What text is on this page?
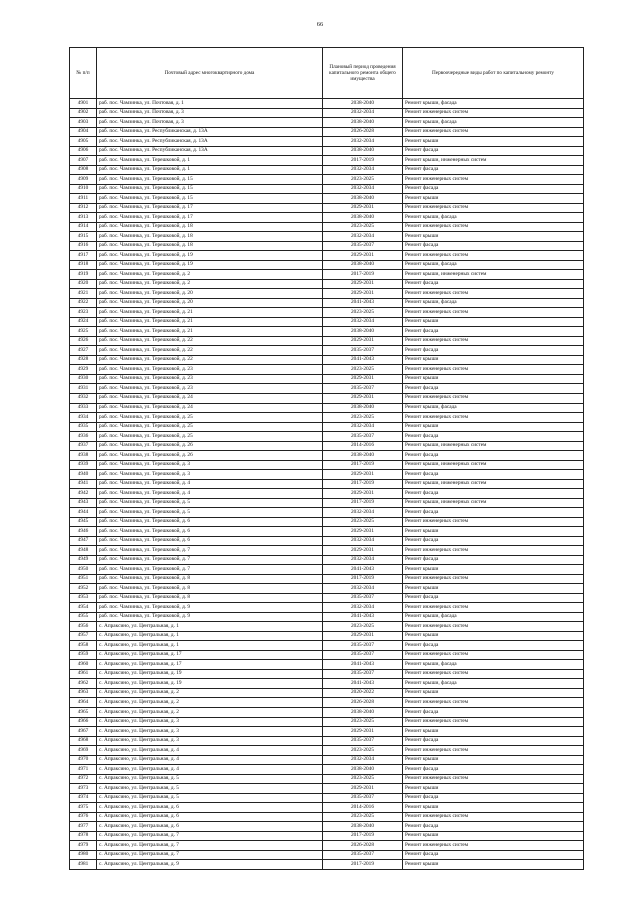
66
№ п/п	Почтовый адрес многоквартирного дома	Плановый период проведения капитального ремонта общего имущества	Первоочередные виды работ по капитальному ремонту
4901	раб. пос. Чамзинка, ул. Почтовая, д. 1	2038-2040	Ремонт крыши, фасада
4902	раб. пос. Чамзинка, ул. Почтовая, д. 3	2032-2034	Ремонт инженерных систем
4903	раб. пос. Чамзинка, ул. Почтовая, д. 3	2038-2040	Ремонт крыши, фасада
4904	раб. пос. Чамзинка, ул. Республиканская, д. 13А	2026-2028	Ремонт инженерных систем
4905	раб. пос. Чамзинка, ул. Республиканская, д. 13А	2032-2034	Ремонт крыши
4906	раб. пос. Чамзинка, ул. Республиканская, д. 13А	2038-2040	Ремонт фасада
4907	раб. пос. Чамзинка, ул. Терешковой, д. 1	2017-2019	Ремонт крыши, инженерных систем
4908	раб. пос. Чамзинка, ул. Терешковой, д. 1	2032-2034	Ремонт фасада
4909	раб. пос. Чамзинка, ул. Терешковой, д. 15	2023-2025	Ремонт инженерных систем
4910	раб. пос. Чамзинка, ул. Терешковой, д. 15	2032-2034	Ремонт фасада
4911	раб. пос. Чамзинка, ул. Терешковой, д. 15	2038-2040	Ремонт крыши
4912	раб. пос. Чамзинка, ул. Терешковой, д. 17	2029-2031	Ремонт инженерных систем
4913	раб. пос. Чамзинка, ул. Терешковой, д. 17	2038-2040	Ремонт крыши, фасада
4914	раб. пос. Чамзинка, ул. Терешковой, д. 18	2023-2025	Ремонт инженерных систем
4915	раб. пос. Чамзинка, ул. Терешковой, д. 18	2032-2034	Ремонт крыши
4916	раб. пос. Чамзинка, ул. Терешковой, д. 18	2035-2037	Ремонт фасада
4917	раб. пос. Чамзинка, ул. Терешковой, д. 19	2029-2031	Ремонт инженерных систем
4918	раб. пос. Чамзинка, ул. Терешковой, д. 19	2038-2040	Ремонт крыши, фасада
4919	раб. пос. Чамзинка, ул. Терешковой, д. 2	2017-2019	Ремонт крыши, инженерных систем
4920	раб. пос. Чамзинка, ул. Терешковой, д. 2	2029-2031	Ремонт фасада
4921	раб. пос. Чамзинка, ул. Терешковой, д. 20	2029-2031	Ремонт инженерных систем
4922	раб. пос. Чамзинка, ул. Терешковой, д. 20	2041-2043	Ремонт крыши, фасада
4923	раб. пос. Чамзинка, ул. Терешковой, д. 21	2023-2025	Ремонт инженерных систем
4924	раб. пос. Чамзинка, ул. Терешковой, д. 21	2032-2034	Ремонт крыши
4925	раб. пос. Чамзинка, ул. Терешковой, д. 21	2038-2040	Ремонт фасада
4926	раб. пос. Чамзинка, ул. Терешковой, д. 22	2029-2031	Ремонт инженерных систем
4927	раб. пос. Чамзинка, ул. Терешковой, д. 22	2035-2037	Ремонт фасада
4928	раб. пос. Чамзинка, ул. Терешковой, д. 22	2041-2043	Ремонт крыши
4929	раб. пос. Чамзинка, ул. Терешковой, д. 23	2023-2025	Ремонт инженерных систем
4930	раб. пос. Чамзинка, ул. Терешковой, д. 23	2029-2031	Ремонт крыши
4931	раб. пос. Чамзинка, ул. Терешковой, д. 23	2035-2037	Ремонт фасада
4932	раб. пос. Чамзинка, ул. Терешковой, д. 24	2029-2031	Ремонт инженерных систем
4933	раб. пос. Чамзинка, ул. Терешковой, д. 24	2038-2040	Ремонт крыши, фасада
4934	раб. пос. Чамзинка, ул. Терешковой, д. 25	2023-2025	Ремонт инженерных систем
4935	раб. пос. Чамзинка, ул. Терешковой, д. 25	2032-2034	Ремонт крыши
4936	раб. пос. Чамзинка, ул. Терешковой, д. 25	2035-2037	Ремонт фасада
4937	раб. пос. Чамзинка, ул. Терешковой, д. 26	2014-2016	Ремонт крыши, инженерных систем
4938	раб. пос. Чамзинка, ул. Терешковой, д. 26	2038-2040	Ремонт фасада
4939	раб. пос. Чамзинка, ул. Терешковой, д. 3	2017-2019	Ремонт крыши, инженерных систем
4940	раб. пос. Чамзинка, ул. Терешковой, д. 3	2029-2031	Ремонт фасада
4941	раб. пос. Чамзинка, ул. Терешковой, д. 4	2017-2019	Ремонт крыши, инженерных систем
4942	раб. пос. Чамзинка, ул. Терешковой, д. 4	2029-2031	Ремонт фасада
4943	раб. пос. Чамзинка, ул. Терешковой, д. 5	2017-2019	Ремонт крыши, инженерных систем
4944	раб. пос. Чамзинка, ул. Терешковой, д. 5	2032-2034	Ремонт фасада
4945	раб. пос. Чамзинка, ул. Терешковой, д. 6	2023-2025	Ремонт инженерных систем
4946	раб. пос. Чамзинка, ул. Терешковой, д. 6	2029-2031	Ремонт крыши
4947	раб. пос. Чамзинка, ул. Терешковой, д. 6	2032-2034	Ремонт фасада
4948	раб. пос. Чамзинка, ул. Терешковой, д. 7	2029-2031	Ремонт инженерных систем
4949	раб. пос. Чамзинка, ул. Терешковой, д. 7	2032-2034	Ремонт фасада
4950	раб. пос. Чамзинка, ул. Терешковой, д. 7	2041-2043	Ремонт крыши
4951	раб. пос. Чамзинка, ул. Терешковой, д. 8	2017-2019	Ремонт инженерных систем
4952	раб. пос. Чамзинка, ул. Терешковой, д. 8	2032-2034	Ремонт крыши
4953	раб. пос. Чамзинка, ул. Терешковой, д. 8	2035-2037	Ремонт фасада
4954	раб. пос. Чамзинка, ул. Терешковой, д. 9	2032-2034	Ремонт инженерных систем
4955	раб. пос. Чамзинка, ул. Терешковой, д. 9	2041-2043	Ремонт крыши, фасада
4956	с. Апраксино, ул. Центральная, д. 1	2023-2025	Ремонт инженерных систем
4957	с. Апраксино, ул. Центральная, д. 1	2029-2031	Ремонт крыши
4958	с. Апраксино, ул. Центральная, д. 1	2035-2037	Ремонт фасада
4959	с. Апраксино, ул. Центральная, д. 17	2035-2037	Ремонт инженерных систем
4960	с. Апраксино, ул. Центральная, д. 17	2041-2043	Ремонт крыши, фасада
4961	с. Апраксино, ул. Центральная, д. 19	2035-2037	Ремонт инженерных систем
4962	с. Апраксино, ул. Центральная, д. 19	2041-2043	Ремонт крыши, фасада
4963	с. Апраксино, ул. Центральная, д. 2	2020-2022	Ремонт крыши
4964	с. Апраксино, ул. Центральная, д. 2	2026-2028	Ремонт инженерных систем
4965	с. Апраксино, ул. Центральная, д. 2	2038-2040	Ремонт фасада
4966	с. Апраксино, ул. Центральная, д. 3	2023-2025	Ремонт инженерных систем
4967	с. Апраксино, ул. Центральная, д. 3	2029-2031	Ремонт крыши
4968	с. Апраксино, ул. Центральная, д. 3	2035-2037	Ремонт фасада
4969	с. Апраксино, ул. Центральная, д. 4	2023-2025	Ремонт инженерных систем
4970	с. Апраксино, ул. Центральная, д. 4	2032-2034	Ремонт крыши
4971	с. Апраксино, ул. Центральная, д. 4	2038-2040	Ремонт фасада
4972	с. Апраксино, ул. Центральная, д. 5	2023-2025	Ремонт инженерных систем
4973	с. Апраксино, ул. Центральная, д. 5	2029-2031	Ремонт крыши
4974	с. Апраксино, ул. Центральная, д. 5	2035-2037	Ремонт фасада
4975	с. Апраксино, ул. Центральная, д. 6	2014-2016	Ремонт крыши
4976	с. Апраксино, ул. Центральная, д. 6	2023-2025	Ремонт инженерных систем
4977	с. Апраксино, ул. Центральная, д. 6	2038-2040	Ремонт фасада
4978	с. Апраксино, ул. Центральная, д. 7	2017-2019	Ремонт крыши
4979	с. Апраксино, ул. Центральная, д. 7	2026-2028	Ремонт инженерных систем
4980	с. Апраксино, ул. Центральная, д. 7	2035-2037	Ремонт фасада
4981	с. Апраксино, ул. Центральная, д. 9	2017-2019	Ремонт крыши
